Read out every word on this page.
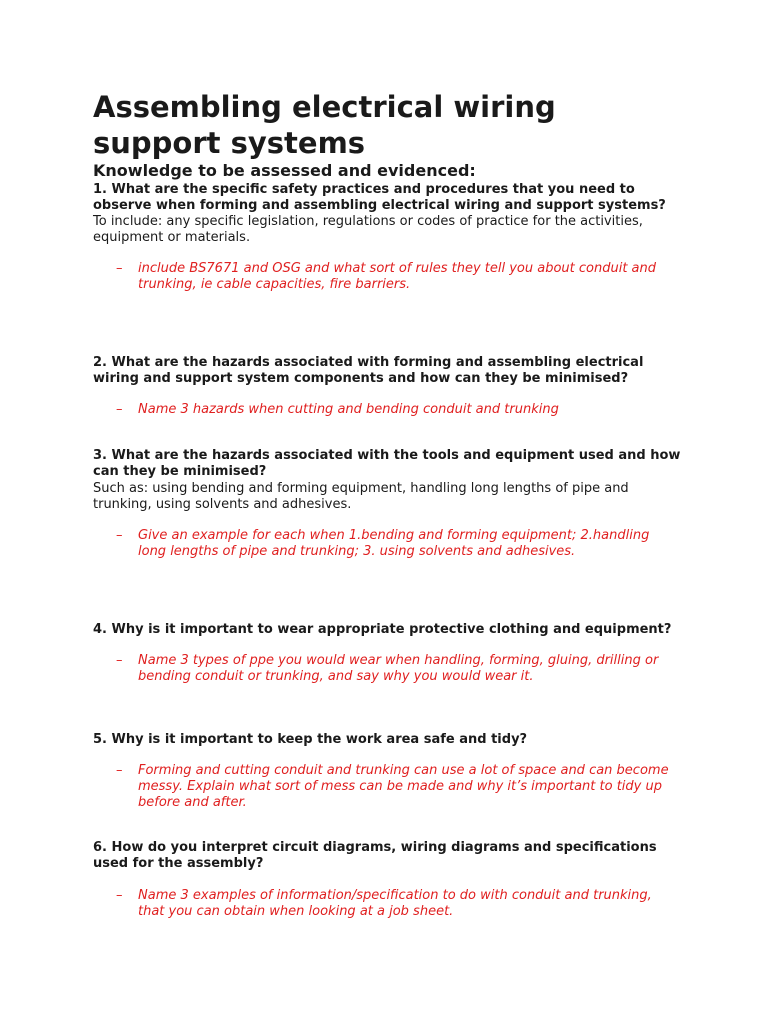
Assembling electrical wiring support systems
Knowledge to be assessed and evidenced:

1. What are the specific safety practices and procedures that you need to observe when forming and assembling electrical wiring and support systems?

To include: any specific legislation, regulations or codes of practice for the activities, equipment or materials.

– include BS7671 and OSG and what sort of rules they tell you about conduit and trunking, ie cable capacities, fire barriers.

2. What are the hazards associated with forming and assembling electrical wiring and support system components and how can they be minimised?

– Name 3 hazards when cutting and bending conduit and trunking

3. What are the hazards associated with the tools and equipment used and how can they be minimised?

Such as: using bending and forming equipment, handling long lengths of pipe and trunking, using solvents and adhesives.

– Give an example for each when 1.bending and forming equipment; 2.handling long lengths of pipe and trunking; 3. using solvents and adhesives.

4. Why is it important to wear appropriate protective clothing and equipment?

– Name 3 types of ppe you would wear when handling, forming, gluing, drilling or bending conduit or trunking, and say why you would wear it.

5. Why is it important to keep the work area safe and tidy?

– Forming and cutting conduit and trunking can use a lot of space and can become messy. Explain what sort of mess can be made and why it’s important to tidy up before and after.

6. How do you interpret circuit diagrams, wiring diagrams and specifications used for the assembly?

– Name 3 examples of information/specification to do with conduit and trunking, that you can obtain when looking at a job sheet.
